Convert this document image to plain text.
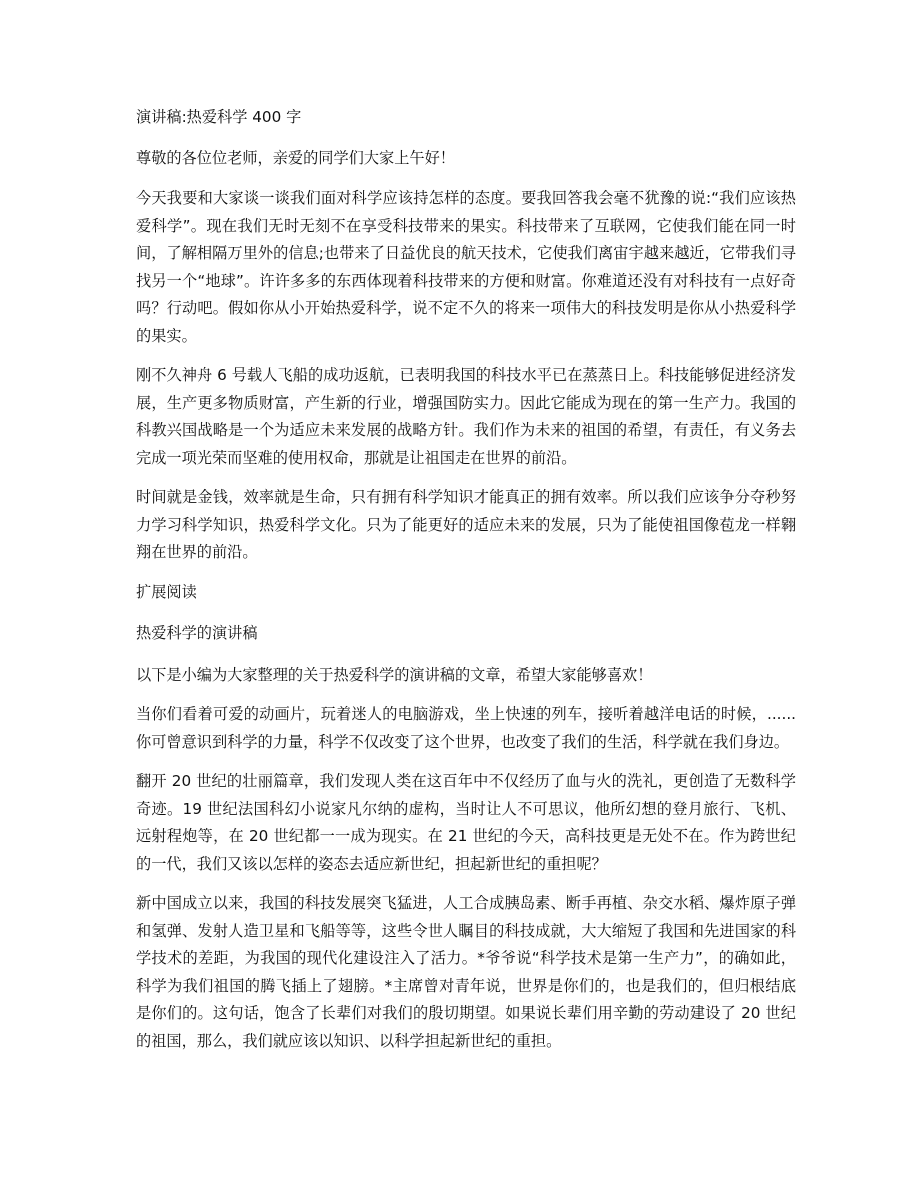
演讲稿:热爱科学 400 字

尊敬的各位位老师，亲爱的同学们大家上午好！

今天我要和大家谈一谈我们面对科学应该持怎样的态度。要我回答我会毫不犹豫的说:“我们应该热爱科学”。现在我们无时无刻不在享受科技带来的果实。科技带来了互联网，它使我们能在同一时间，了解相隔万里外的信息;也带来了日益优良的航天技术，它使我们离宙宇越来越近，它带我们寻找另一个“地球”。许许多多的东西体现着科技带来的方便和财富。你难道还没有对科技有一点好奇吗？行动吧。假如你从小开始热爱科学，说不定不久的将来一项伟大的科技发明是你从小热爱科学的果实。

刚不久神舟 6 号载人飞船的成功返航，已表明我国的科技水平已在蒸蒸日上。科技能够促进经济发展，生产更多物质财富，产生新的行业，增强国防实力。因此它能成为现在的第一生产力。我国的科教兴国战略是一个为适应未来发展的战略方针。我们作为未来的祖国的希望，有责任，有义务去完成一项光荣而坚难的使用权命，那就是让祖国走在世界的前沿。

时间就是金钱，效率就是生命，只有拥有科学知识才能真正的拥有效率。所以我们应该争分夺秒努力学习科学知识，热爱科学文化。只为了能更好的适应未来的发展，只为了能使祖国像苞龙一样翱翔在世界的前沿。

扩展阅读

热爱科学的演讲稿

以下是小编为大家整理的关于热爱科学的演讲稿的文章，希望大家能够喜欢！

当你们看着可爱的动画片，玩着迷人的电脑游戏，坐上快速的列车，接听着越洋电话的时候，......你可曾意识到科学的力量，科学不仅改变了这个世界，也改变了我们的生活，科学就在我们身边。

翻开 20 世纪的壮丽篇章，我们发现人类在这百年中不仅经历了血与火的洗礼，更创造了无数科学奇迹。19 世纪法国科幻小说家凡尔纳的虚构，当时让人不可思议，他所幻想的登月旅行、飞机、远射程炮等，在 20 世纪都一一成为现实。在 21 世纪的今天，高科技更是无处不在。作为跨世纪的一代，我们又该以怎样的姿态去适应新世纪，担起新世纪的重担呢？

新中国成立以来，我国的科技发展突飞猛进，人工合成胰岛素、断手再植、杂交水稻、爆炸原子弹和氢弹、发射人造卫星和飞船等等，这些令世人瞩目的科技成就，大大缩短了我国和先进国家的科学技术的差距，为我国的现代化建设注入了活力。*爷爷说“科学技术是第一生产力”，的确如此，科学为我们祖国的腾飞插上了翅膀。*主席曾对青年说，世界是你们的，也是我们的，但归根结底是你们的。这句话，饱含了长辈们对我们的殷切期望。如果说长辈们用辛勤的劳动建设了 20 世纪的祖国，那么，我们就应该以知识、以科学担起新世纪的重担。
